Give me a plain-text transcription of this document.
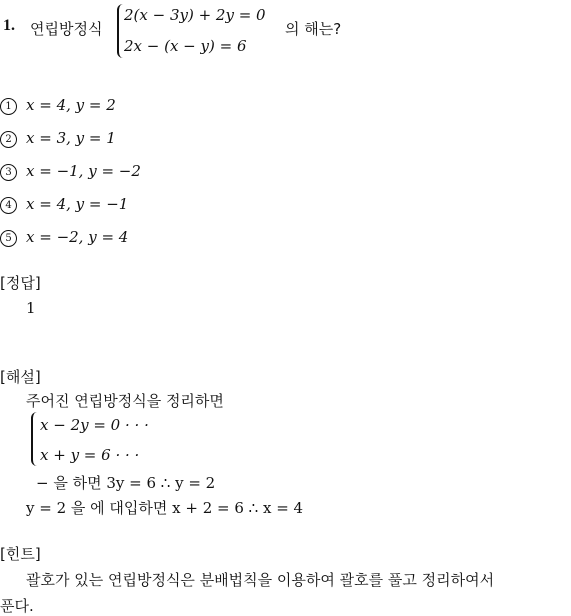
1. 연립방정식
2(x − 3y) + 2y = 0
2x − (x − y) = 6
의 해는?
1 x = 4, y = 2
2 x = 3, y = 1
3 x = −1, y = −2
4 x = 4, y = −1
5 x = −2, y = 4
[정답]
1
[해설]
주어진 연립방정식을 정리하면
x − 2y = 0 · · ·
x + y = 6 · · ·
− 을 하면 3y = 6 ∴ y = 2
y = 2 을 에 대입하면 x + 2 = 6 ∴ x = 4
[힌트]
괄호가 있는 연립방정식은 분배법칙을 이용하여 괄호를 풀고 정리하여서
푼다.
